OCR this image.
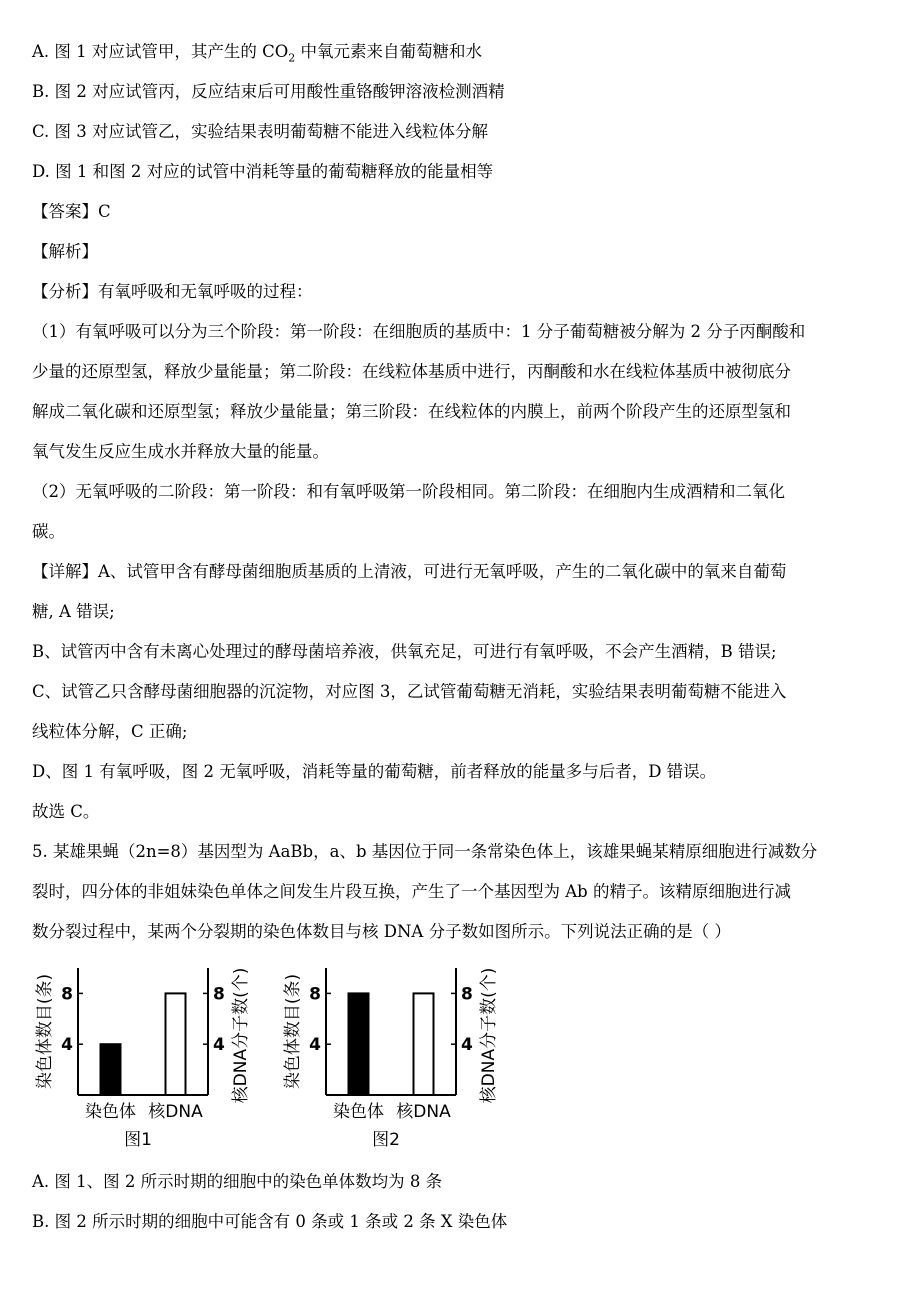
A. 图 1 对应试管甲，其产生的 $CO_2$ 中氧元素来自葡萄糖和水
B. 图 2 对应试管丙，反应结束后可用酸性重铬酸钾溶液检测酒精
C. 图 3 对应试管乙，实验结果表明葡萄糖不能进入线粒体分解
D. 图 1 和图 2 对应的试管中消耗等量的葡萄糖释放的能量相等
【答案】C
【解析】
【分析】有氧呼吸和无氧呼吸的过程：
（1）有氧呼吸可以分为三个阶段：第一阶段：在细胞质的基质中：1 分子葡萄糖被分解为 2 分子丙酮酸和
少量的还原型氢，释放少量能量；第二阶段：在线粒体基质中进行，丙酮酸和水在线粒体基质中被彻底分
解成二氧化碳和还原型氢；释放少量能量；第三阶段：在线粒体的内膜上，前两个阶段产生的还原型氢和
氧气发生反应生成水并释放大量的能量。
（2）无氧呼吸的二阶段：第一阶段：和有氧呼吸第一阶段相同。第二阶段：在细胞内生成酒精和二氧化
碳。
【详解】A、试管甲含有酵母菌细胞质基质的上清液，可进行无氧呼吸，产生的二氧化碳中的氧来自葡萄
糖, A 错误;
B、试管丙中含有未离心处理过的酵母菌培养液，供氧充足，可进行有氧呼吸，不会产生酒精，B 错误;
C、试管乙只含酵母菌细胞器的沉淀物，对应图 3，乙试管葡萄糖无消耗，实验结果表明葡萄糖不能进入
线粒体分解，C 正确;
D、图 1 有氧呼吸，图 2 无氧呼吸，消耗等量的葡萄糖，前者释放的能量多与后者，D 错误。
故选 C。
5. 某雄果蝇（2n=8）基因型为 AaBb，a、b 基因位于同一条常染色体上，该雄果蝇某精原细胞进行减数分
裂时，四分体的非姐妹染色单体之间发生片段互换，产生了一个基因型为 Ab 的精子。该精原细胞进行减
数分裂过程中，某两个分裂期的染色体数目与核 DNA 分子数如图所示。下列说法正确的是（ ）
4	4
8	8
染色体 核DNA
染色体数目(条)	核DNA分子数(个)
图1
4	4
8	8
染色体 核DNA
染色体数目(条)	核DNA分子数(个)
图2
A. 图 1、图 2 所示时期的细胞中的染色单体数均为 8 条
B. 图 2 所示时期的细胞中可能含有 0 条或 1 条或 2 条 X 染色体
